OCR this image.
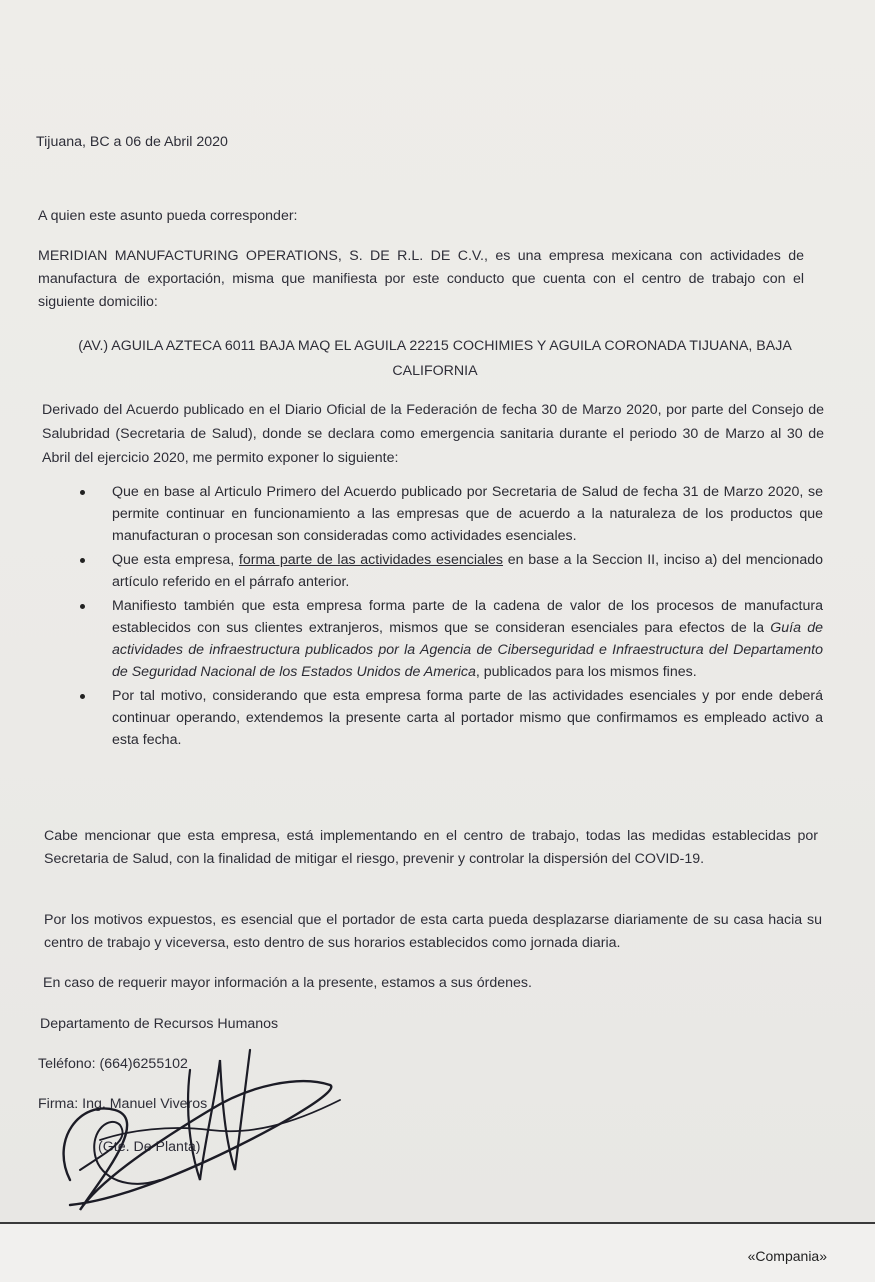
Tijuana, BC a 06 de Abril 2020
A quien este asunto pueda corresponder:
MERIDIAN MANUFACTURING OPERATIONS, S. DE R.L. DE C.V., es una empresa mexicana con actividades de manufactura de exportación, misma que manifiesta por este conducto que cuenta con el centro de trabajo con el siguiente domicilio:
(AV.) AGUILA AZTECA 6011 BAJA MAQ EL AGUILA 22215 COCHIMIES Y AGUILA CORONADA TIJUANA, BAJA
CALIFORNIA
Derivado del Acuerdo publicado en el Diario Oficial de la Federación de fecha 30 de Marzo 2020, por parte del Consejo de Salubridad (Secretaria de Salud), donde se declara como emergencia sanitaria durante el periodo 30 de Marzo al 30 de Abril del ejercicio 2020, me permito exponer lo siguiente:
Que en base al Articulo Primero del Acuerdo publicado por Secretaria de Salud de fecha 31 de Marzo 2020, se permite continuar en funcionamiento a las empresas que de acuerdo a la naturaleza de los productos que manufacturan o procesan son consideradas como actividades esenciales.
Que esta empresa, forma parte de las actividades esenciales en base a la Seccion II, inciso a) del mencionado artículo referido en el párrafo anterior.
Manifiesto también que esta empresa forma parte de la cadena de valor de los procesos de manufactura establecidos con sus clientes extranjeros, mismos que se consideran esenciales para efectos de la Guía de actividades de infraestructura publicados por la Agencia de Ciberseguridad e Infraestructura del Departamento de Seguridad Nacional de los Estados Unidos de America, publicados para los mismos fines.
Por tal motivo, considerando que esta empresa forma parte de las actividades esenciales y por ende deberá continuar operando, extendemos la presente carta al portador mismo que confirmamos es empleado activo a esta fecha.
Cabe mencionar que esta empresa, está implementando en el centro de trabajo, todas las medidas establecidas por Secretaria de Salud, con la finalidad de mitigar el riesgo, prevenir y controlar la dispersión del COVID-19.
Por los motivos expuestos, es esencial que el portador de esta carta pueda desplazarse diariamente de su casa hacia su centro de trabajo y viceversa, esto dentro de sus horarios establecidos como jornada diaria.
En caso de requerir mayor información a la presente, estamos a sus órdenes.
Departamento de Recursos Humanos
Teléfono: (664)6255102
Firma: Ing. Manuel Viveros
(Gte. De Planta)
«Compania»
